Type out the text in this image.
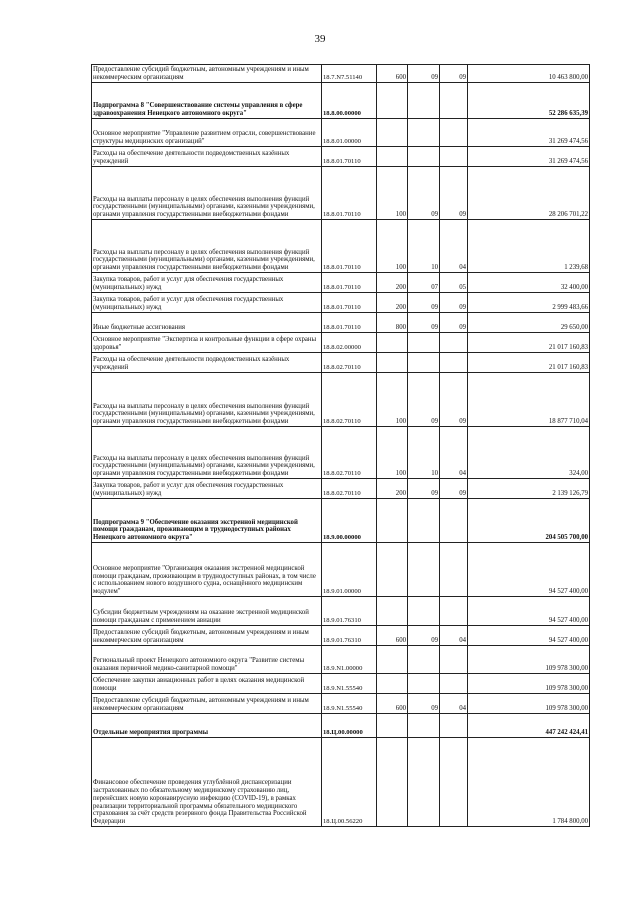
39
Предоставление субсидий бюджетным, автономным учреждениям и иным некоммерческим организациям	18.7.N7.51140	600	09	09	10 463 800,00
Подпрограмма 8 "Совершенствование системы управления в сфере здравоохранения Ненецкого автономного округа"	18.8.00.00000				52 286 635,39
Основное мероприятие "Управление развитием отрасли, совершенствование структуры медицинских организаций"	18.8.01.00000				31 269 474,56
Расходы на обеспечение деятельности подведомственных казённых учреждений	18.8.01.70110				31 269 474,56
Расходы на выплаты персоналу в целях обеспечения выполнения функций государственными (муниципальными) органами, казенными учреждениями, органами управления государственными внебюджетными фондами	18.8.01.70110	100	09	09	28 206 701,22
Расходы на выплаты персоналу в целях обеспечения выполнения функций государственными (муниципальными) органами, казенными учреждениями, органами управления государственными внебюджетными фондами	18.8.01.70110	100	10	04	1 239,68
Закупка товаров, работ и услуг для обеспечения государственных (муниципальных) нужд	18.8.01.70110	200	07	05	32 400,00
Закупка товаров, работ и услуг для обеспечения государственных (муниципальных) нужд	18.8.01.70110	200	09	09	2 999 483,66
Иные бюджетные ассигнования	18.8.01.70110	800	09	09	29 650,00
Основное мероприятие "Экспертиза и контрольные функции в сфере охраны здоровья"	18.8.02.00000				21 017 160,83
Расходы на обеспечение деятельности подведомственных казённых учреждений	18.8.02.70110				21 017 160,83
Расходы на выплаты персоналу в целях обеспечения выполнения функций государственными (муниципальными) органами, казенными учреждениями, органами управления государственными внебюджетными фондами	18.8.02.70110	100	09	09	18 877 710,04
Расходы на выплаты персоналу в целях обеспечения выполнения функций государственными (муниципальными) органами, казенными учреждениями, органами управления государственными внебюджетными фондами	18.8.02.70110	100	10	04	324,00
Закупка товаров, работ и услуг для обеспечения государственных (муниципальных) нужд	18.8.02.70110	200	09	09	2 139 126,79
Подпрограмма 9 "Обеспечение оказания экстренной медицинской помощи гражданам, проживающим в труднодоступных районах Ненецкого автономного округа"	18.9.00.00000				204 505 700,00
Основное мероприятие "Организация оказания экстренной медицинской помощи гражданам, проживающим в труднодоступных районах, в том числе с использованием нового воздушного судна, оснащённого медицинским модулем"	18.9.01.00000				94 527 400,00
Субсидии бюджетным учреждениям на оказание экстренной медицинской помощи гражданам с применением авиации	18.9.01.76310				94 527 400,00
Предоставление субсидий бюджетным, автономным учреждениям и иным некоммерческим организациям	18.9.01.76310	600	09	04	94 527 400,00
Региональный проект Ненецкого автономного округа "Развитие системы оказания первичной медико-санитарной помощи"	18.9.N1.00000				109 978 300,00
Обеспечение закупки авиационных работ в целях оказания медицинской помощи	18.9.N1.55540				109 978 300,00
Предоставление субсидий бюджетным, автономным учреждениям и иным некоммерческим организациям	18.9.N1.55540	600	09	04	109 978 300,00
Отдельные мероприятия программы	18.Ц.00.00000				447 242 424,41
Финансовое обеспечение проведения углублённой диспансеризации застрахованных по обязательному медицинскому страхованию лиц, перенёсших новую коронавирусную инфекцию (COVID-19), в рамках реализации территориальной программы обязательного медицинского страхования за счёт средств резервного фонда Правительства Российской Федерации	18.Ц.00.56220				1 784 800,00
